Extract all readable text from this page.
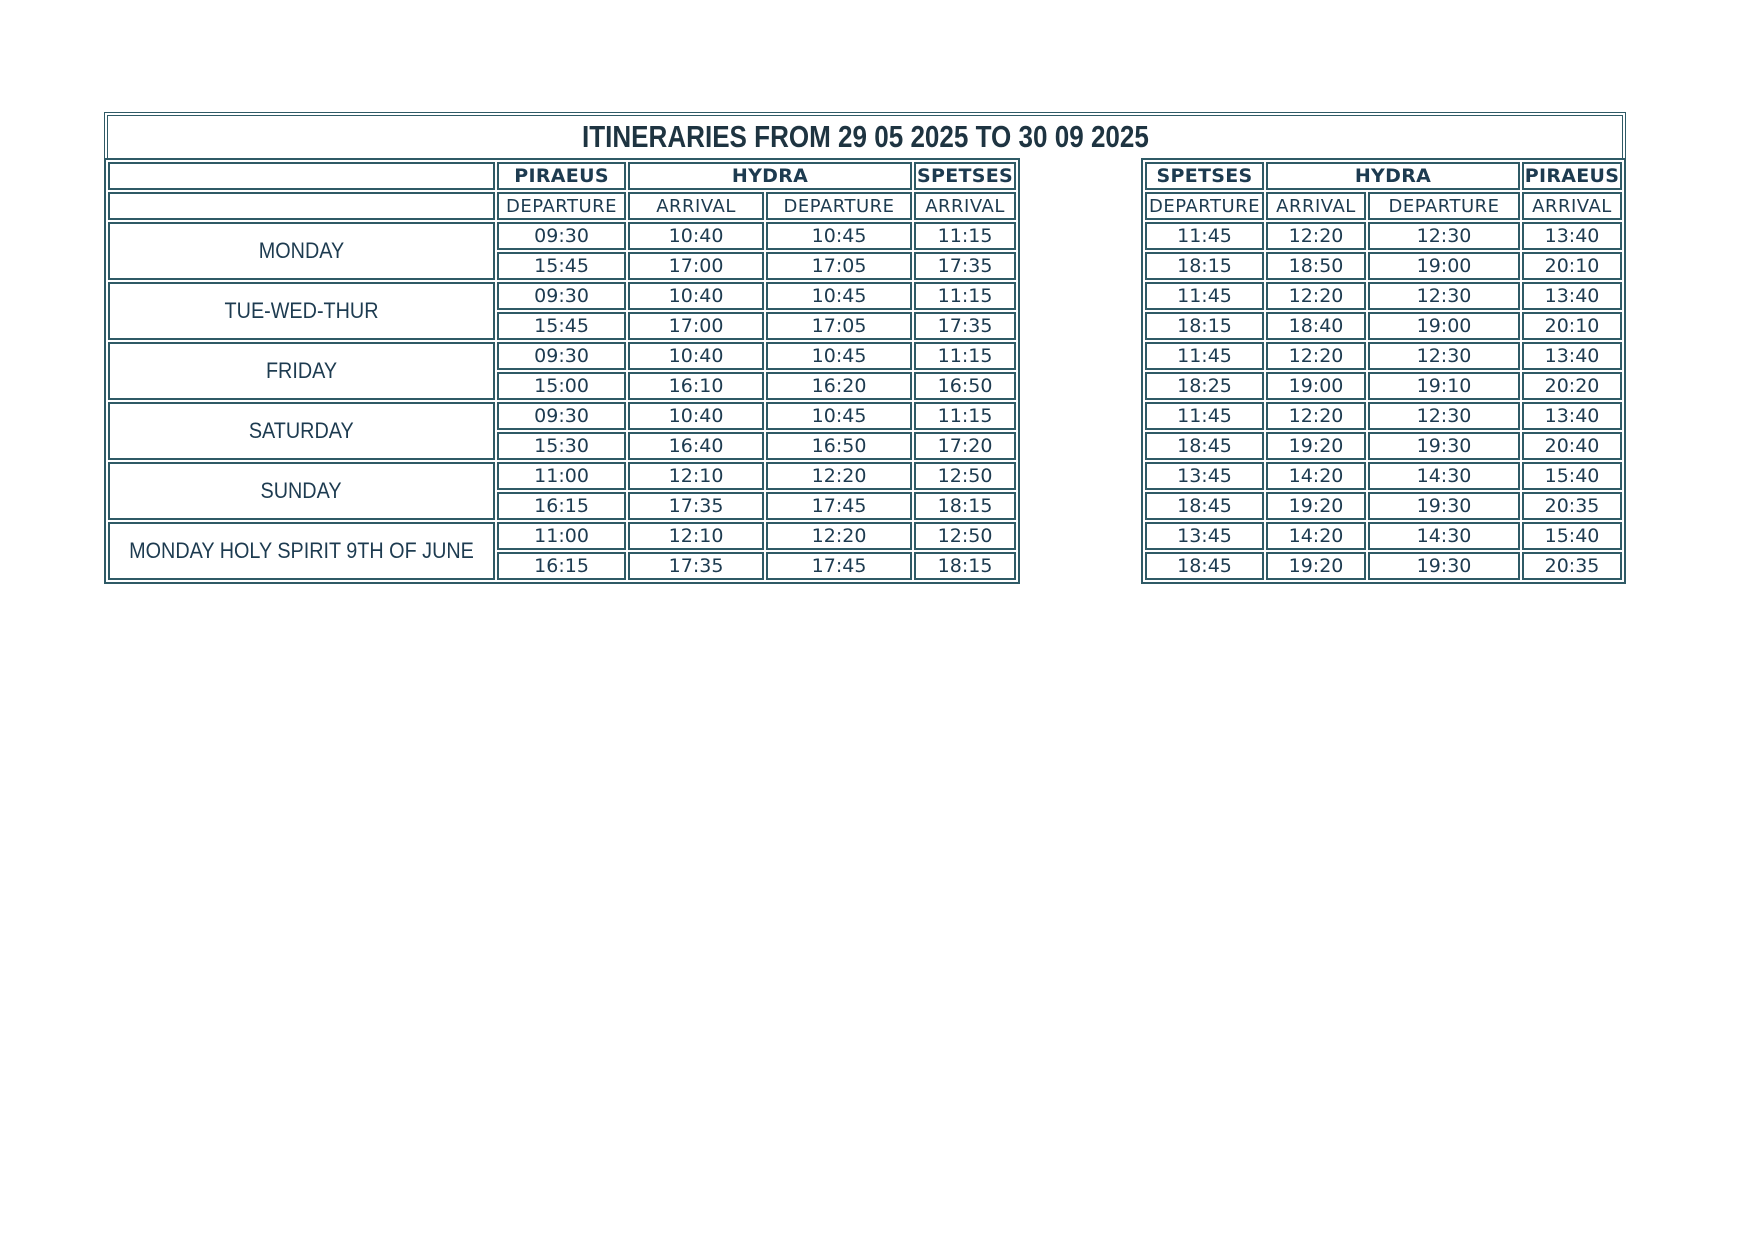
ITINERARIES FROM 29 05 2025 TO 30 09 2025
	PIRAEUS	HYDRA		SPETSES
	DEPARTURE	ARRIVAL	DEPARTURE	ARRIVAL
MONDAY	09:30	10:40	10:45	11:15
	15:45	17:00	17:05	17:35
TUE-WED-THUR	09:30	10:40	10:45	11:15
	15:45	17:00	17:05	17:35
FRIDAY	09:30	10:40	10:45	11:15
	15:00	16:10	16:20	16:50
SATURDAY	09:30	10:40	10:45	11:15
	15:30	16:40	16:50	17:20
SUNDAY	11:00	12:10	12:20	12:50
	16:15	17:35	17:45	18:15
MONDAY HOLY SPIRIT 9TH OF JUNE	11:00	12:10	12:20	12:50
	16:15	17:35	17:45	18:15
SPETSES	HYDRA		PIRAEUS
DEPARTURE	ARRIVAL	DEPARTURE	ARRIVAL
11:45	12:20	12:30	13:40
18:15	18:50	19:00	20:10
11:45	12:20	12:30	13:40
18:15	18:40	19:00	20:10
11:45	12:20	12:30	13:40
18:25	19:00	19:10	20:20
11:45	12:20	12:30	13:40
18:45	19:20	19:30	20:40
13:45	14:20	14:30	15:40
18:45	19:20	19:30	20:35
13:45	14:20	14:30	15:40
18:45	19:20	19:30	20:35
